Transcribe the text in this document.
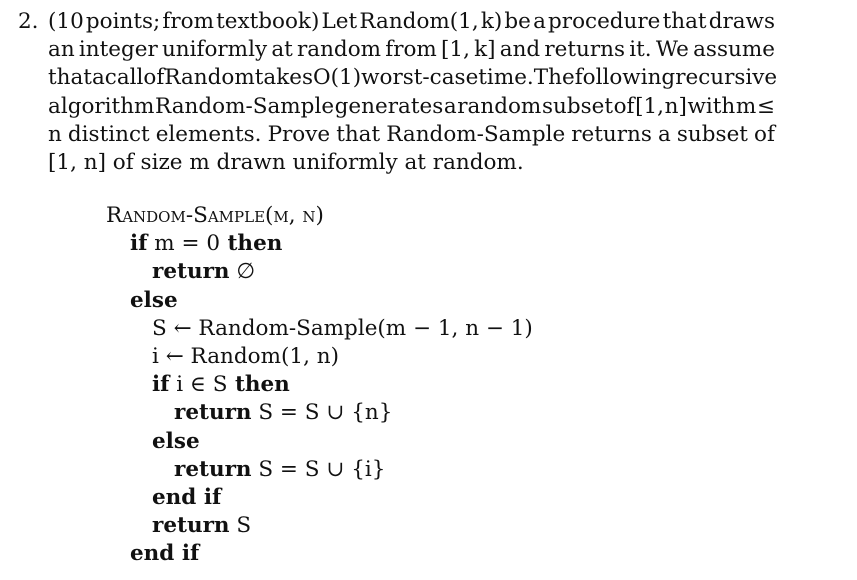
2. (10 points; from textbook) Let Random(1, k) be a procedure that draws
an integer uniformly at random from [1, k] and returns it. We assume
that a call of Random takes O(1) worst-case time. The following recursive
algorithm Random-Sample generates a random subset of [1, n] with m ≤
n distinct elements. Prove that Random-Sample returns a subset of
[1, n] of size m drawn uniformly at random.
Random-Sample(m, n)
if m = 0 then
return ∅
else
S ← Random-Sample(m − 1, n − 1)
i ← Random(1, n)
if i ∈ S then
return S = S ∪ {n}
else
return S = S ∪ {i}
end if
return S
end if
